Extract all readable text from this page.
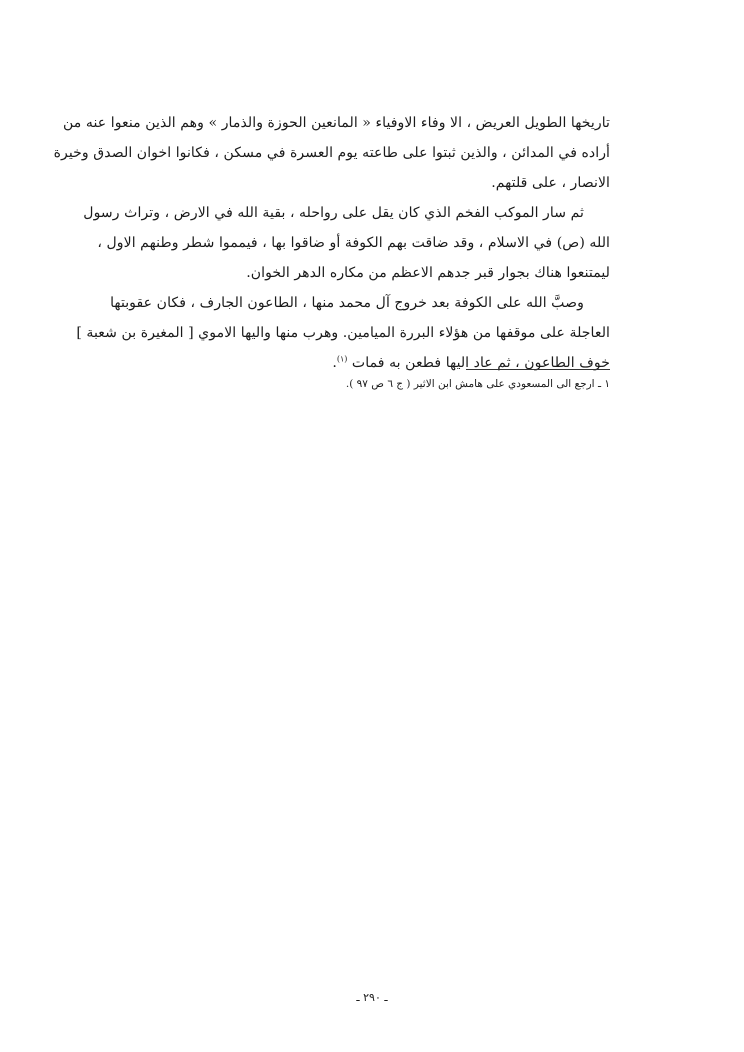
تاريخها الطويل العريض ، الا وفاء الاوفياء « المانعين الحوزة والذمار » وهم الذين منعوا عنه من
أراده في المدائن ، والذين ثبتوا على طاعته يوم العسرة في مسكن ، فكانوا اخوان الصدق وخيرة
الانصار ، على قلتهم.
ثم سار الموكب الفخم الذي كان يقل على رواحله ، بقية الله في الارض ، وتراث رسول
الله (ص) في الاسلام ، وقد ضاقت بهم الكوفة أو ضاقوا بها ، فيمموا شطر وطنهم الاول ،
ليمتنعوا هناك بجوار قبر جدهم الاعظم من مكاره الدهر الخوان.
وصبَّ الله على الكوفة بعد خروج آل محمد منها ، الطاعون الجارف ، فكان عقوبتها
العاجلة على موقفها من هؤلاء البررة الميامين. وهرب منها واليها الاموي [ المغيرة بن شعبة ]
خوف الطاعون ، ثم عاد اليها فطعن به فمات $^{(١)}$.
١ ـ ارجع الى المسعودي على هامش ابن الاثير ( ج ٦ ص ٩٧ ).
ـ ٢٩٠ ـ
